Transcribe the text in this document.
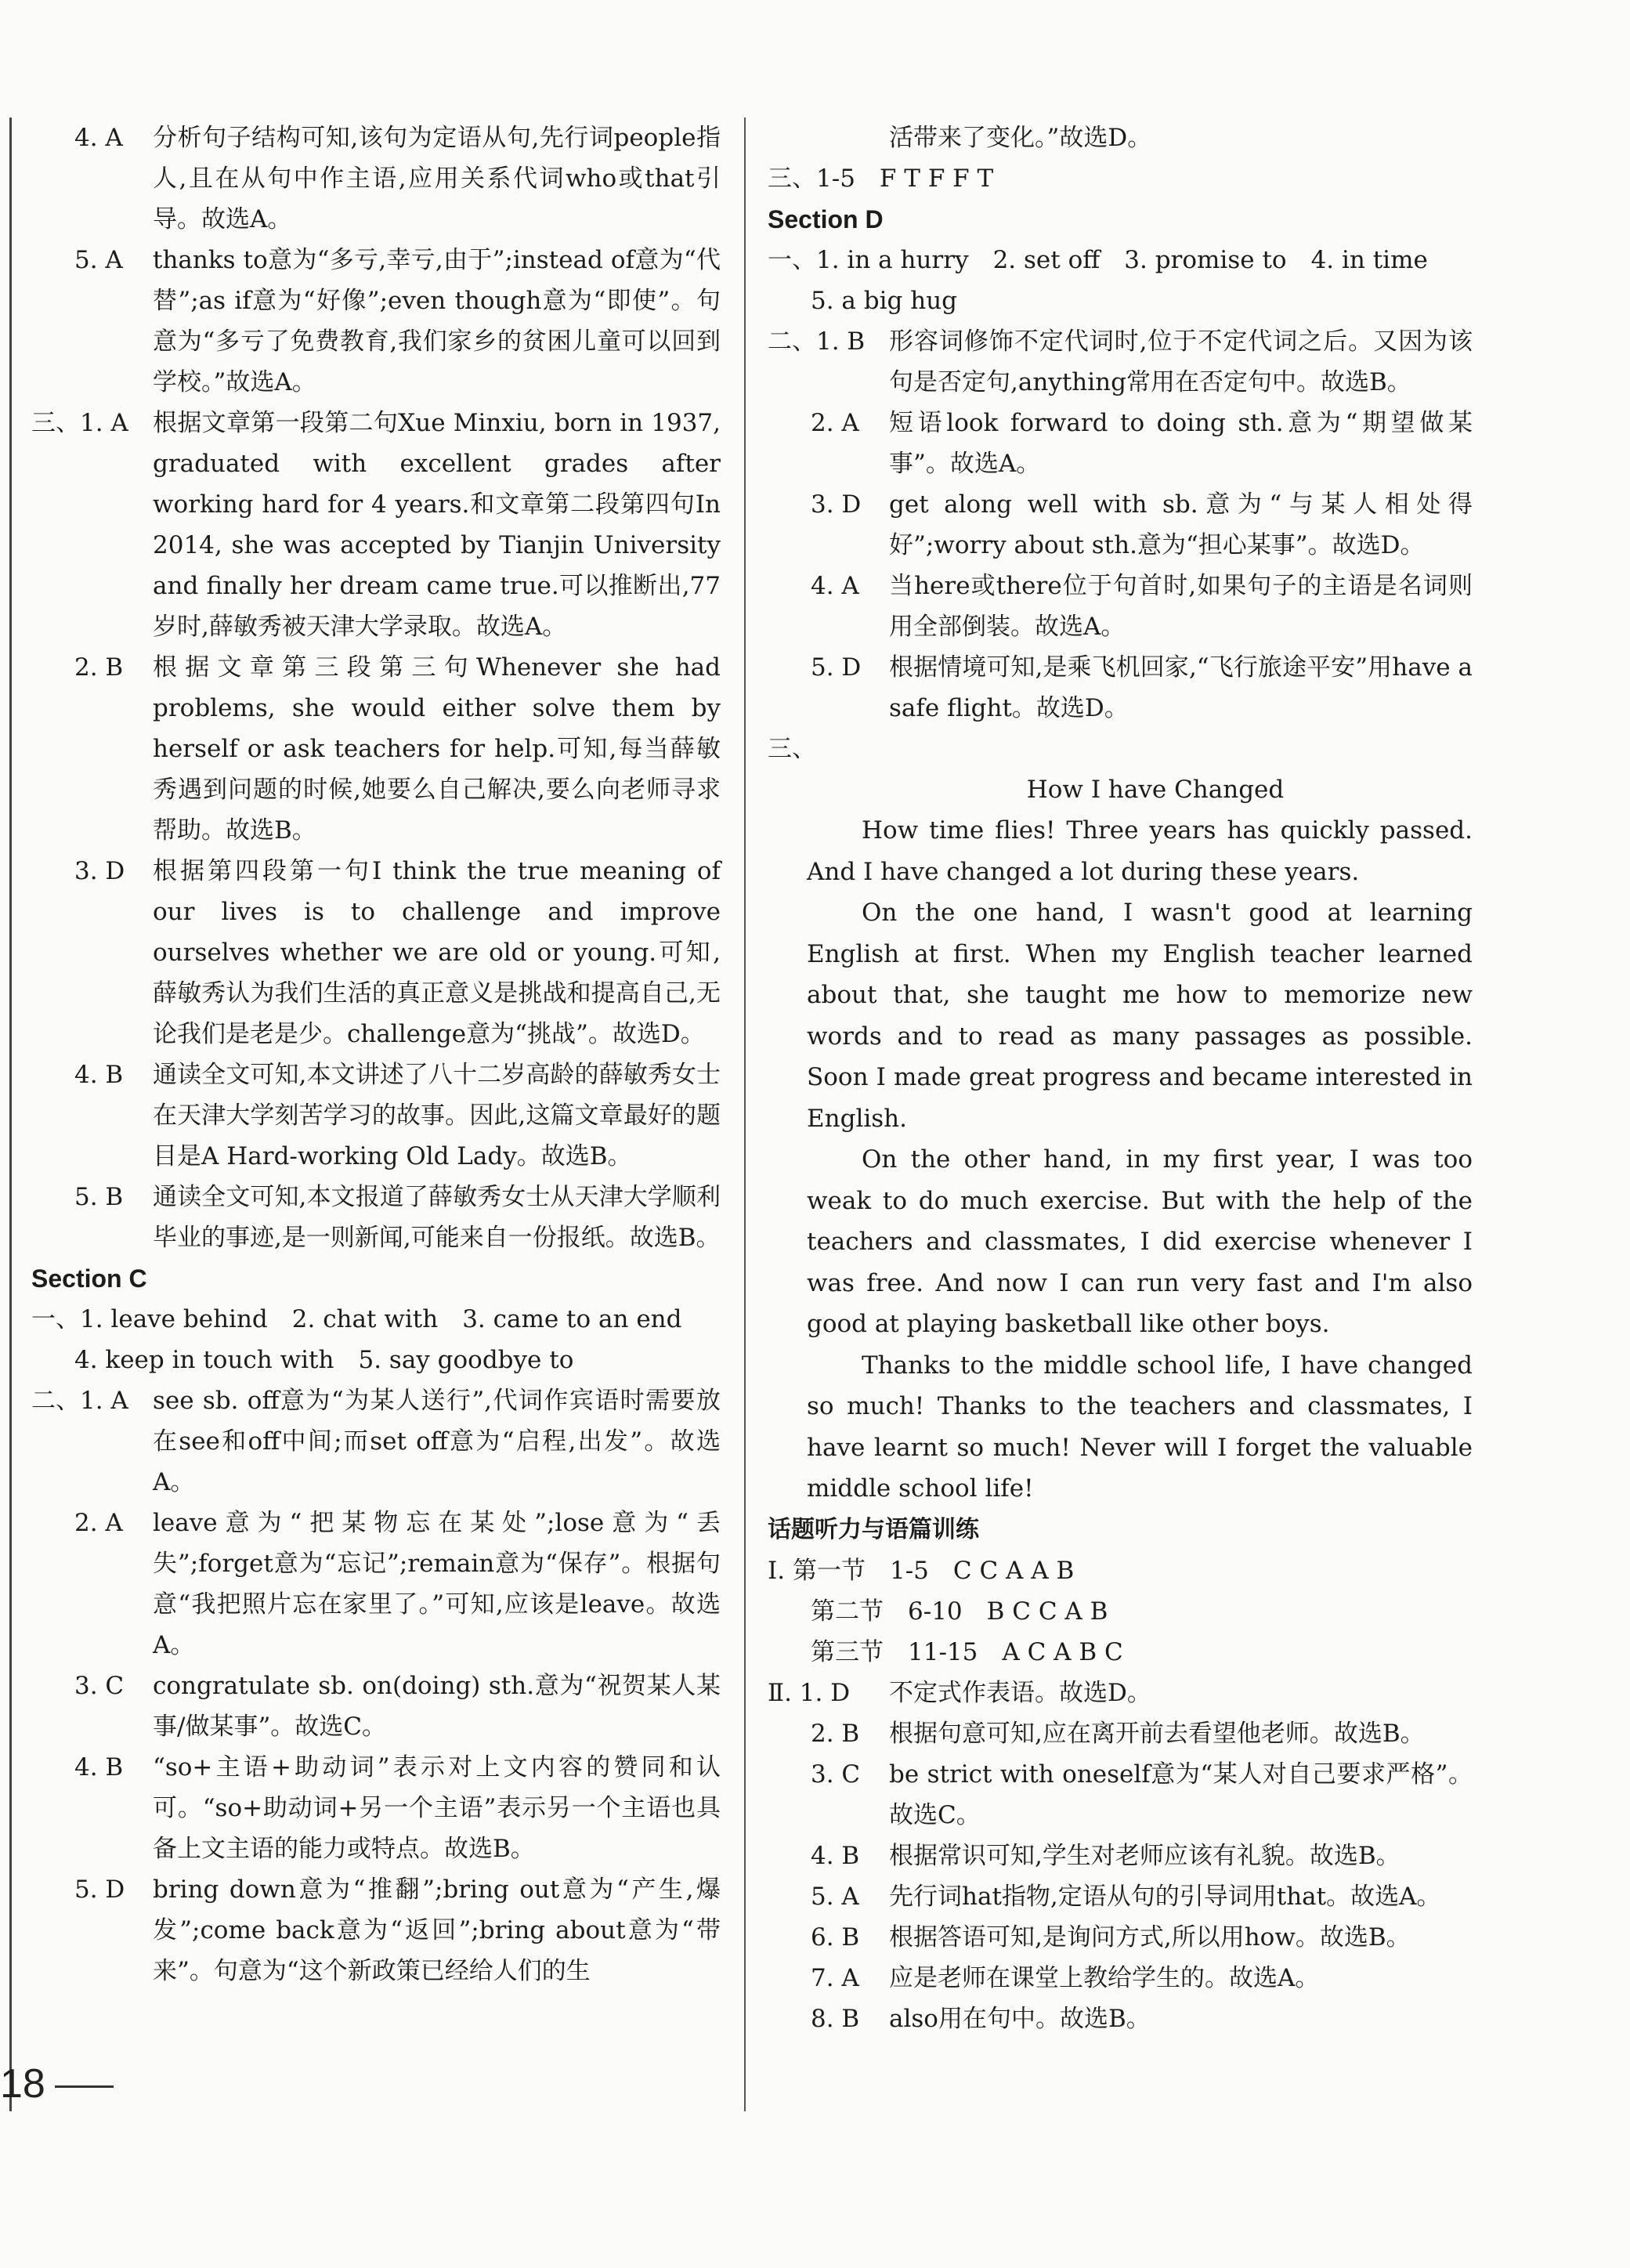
4. A	分析句子结构可知,该句为定语从句,先行词people指人,且在从句中作主语,应用关系代词who或that引导。故选A。
5. A	thanks to意为“多亏,幸亏,由于”;instead of意为“代替”;as if意为“好像”;even though意为“即使”。句意为“多亏了免费教育,我们家乡的贫困儿童可以回到学校。”故选A。
三、1. A	根据文章第一段第二句Xue Minxiu, born in 1937, graduated with excellent grades after working hard for 4 years.和文章第二段第四句In 2014, she was accepted by Tianjin University and finally her dream came true.可以推断出,77岁时,薛敏秀被天津大学录取。故选A。
2. B	根据文章第三段第三句Whenever she had problems, she would either solve them by herself or ask teachers for help.可知,每当薛敏秀遇到问题的时候,她要么自己解决,要么向老师寻求帮助。故选B。
3. D	根据第四段第一句I think the true meaning of our lives is to challenge and improve ourselves whether we are old or young.可知,薛敏秀认为我们生活的真正意义是挑战和提高自己,无论我们是老是少。challenge意为“挑战”。故选D。
4. B	通读全文可知,本文讲述了八十二岁高龄的薛敏秀女士在天津大学刻苦学习的故事。因此,这篇文章最好的题目是A Hard-working Old Lady。故选B。
5. B	通读全文可知,本文报道了薛敏秀女士从天津大学顺利毕业的事迹,是一则新闻,可能来自一份报纸。故选B。
Section C
一、1. leave behind　2. chat with　3. came to an end
4. keep in touch with　5. say goodbye to
二、1. A	see sb. off意为“为某人送行”,代词作宾语时需要放在see和off中间;而set off意为“启程,出发”。故选A。
2. A	leave意为“把某物忘在某处”;lose意为“丢失”;forget意为“忘记”;remain意为“保存”。根据句意“我把照片忘在家里了。”可知,应该是leave。故选A。
3. C	congratulate sb. on(doing) sth.意为“祝贺某人某事/做某事”。故选C。
4. B	“so+主语+助动词”表示对上文内容的赞同和认可。“so+助动词+另一个主语”表示另一个主语也具备上文主语的能力或特点。故选B。
5. D	bring down意为“推翻”;bring out意为“产生,爆发”;come back意为“返回”;bring about意为“带来”。句意为“这个新政策已经给人们的生
活带来了变化。”故选D。
三、1-5　F T F F T
Section D
一、1. in a hurry　2. set off　3. promise to　4. in time
5. a big hug
二、1. B 形容词修饰不定代词时,位于不定代词之后。又因为该句是否定句,anything常用在否定句中。故选B。
2. A	短语look forward to doing sth.意为“期望做某事”。故选A。
3. D	get along well with sb.意为“与某人相处得好”;worry about sth.意为“担心某事”。故选D。
4. A	当here或there位于句首时,如果句子的主语是名词则用全部倒装。故选A。
5. D	根据情境可知,是乘飞机回家,“飞行旅途平安”用have a safe flight。故选D。
三、
How I have Changed
How time flies! Three years has quickly passed. And I have changed a lot during these years.
On the one hand, I wasn't good at learning English at first. When my English teacher learned about that, she taught me how to memorize new words and to read as many passages as possible. Soon I made great progress and became interested in English.
On the other hand, in my first year, I was too weak to do much exercise. But with the help of the teachers and classmates, I did exercise whenever I was free. And now I can run very fast and I'm also good at playing basketball like other boys.
Thanks to the middle school life, I have changed so much! Thanks to the teachers and classmates, I have learnt so much! Never will I forget the valuable middle school life!
话题听力与语篇训练
Ⅰ. 第一节　1-5　C C A A B
第二节　6-10　B C C A B
第三节　11-15　A C A B C
Ⅱ. 1. D	不定式作表语。故选D。
2. B	根据句意可知,应在离开前去看望他老师。故选B。
3. C	be strict with oneself意为“某人对自己要求严格”。故选C。
4. B	根据常识可知,学生对老师应该有礼貌。故选B。
5. A	先行词hat指物,定语从句的引导词用that。故选A。
6. B	根据答语可知,是询问方式,所以用how。故选B。
7. A	应是老师在课堂上教给学生的。故选A。
8. B	also用在句中。故选B。
18
